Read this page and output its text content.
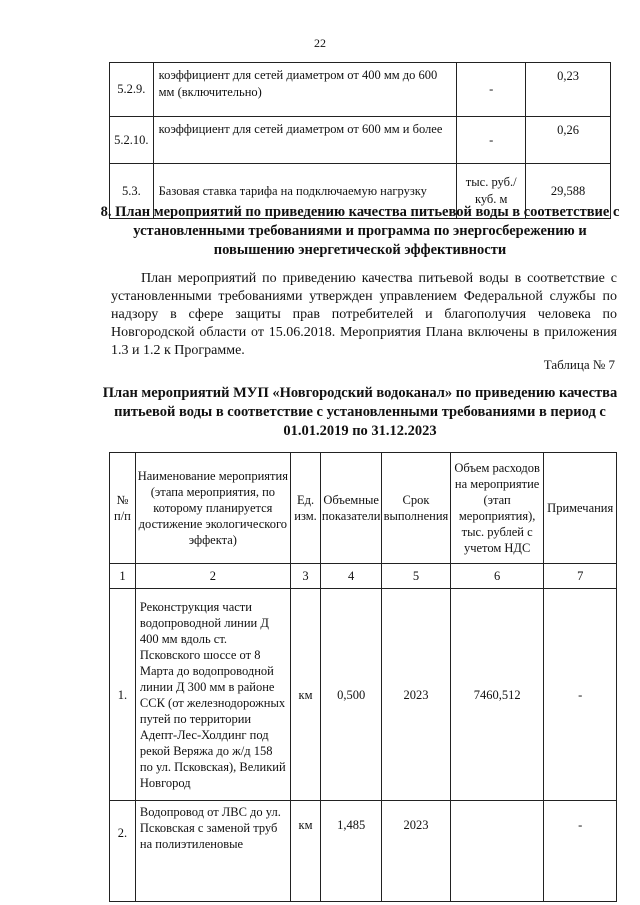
22
5.2.9.	коэффициент для сетей диаметром от 400 мм до 600 мм (включительно)	-	0,23
5.2.10.	коэффициент для сетей диаметром от 600 мм и более	-	0,26
5.3.	Базовая ставка тарифа на подключаемую нагрузку	тыс. руб./куб. м	29,588
8. План мероприятий по приведению качества питьевой воды в соответствие с установленными требованиями и программа по энергосбережению и повышению энергетической эффективности

План мероприятий по приведению качества питьевой воды в соответствие с установленными требованиями утвержден управлением Федеральной службы по надзору в сфере защиты прав потребителей и благополучия человека по Новгородской области от 15.06.2018. Мероприятия Плана включены в приложения 1.3 и 1.2 к Программе.

Таблица № 7
План мероприятий МУП «Новгородский водоканал» по приведению качества питьевой воды в соответствие с установленными требованиями в период с 01.01.2019 по 31.12.2023
№ п/п	Наименование мероприятия (этапа мероприятия, по которому планируется достижение экологического эффекта)	Ед. изм.	Объемные показатели	Срок выполнения	Объем расходов на мероприятие (этап мероприятия), тыс. рублей с учетом НДС	Примечания
1	2	3	4	5	6	7
1.	Реконструкция части водопроводной линии Д 400 мм вдоль ст. Псковского шоссе от 8 Марта до водопроводной линии Д 300 мм в районе ССК (от железнодорожных путей по территории Адепт-Лес-Холдинг под рекой Веряжа до ж/д 158 по ул. Псковская), Великий Новгород	км	0,500	2023	7460,512	-
2.	Водопровод от ЛВС до ул. Псковская с заменой труб на полиэтиленовые	км	1,485	2023		-
